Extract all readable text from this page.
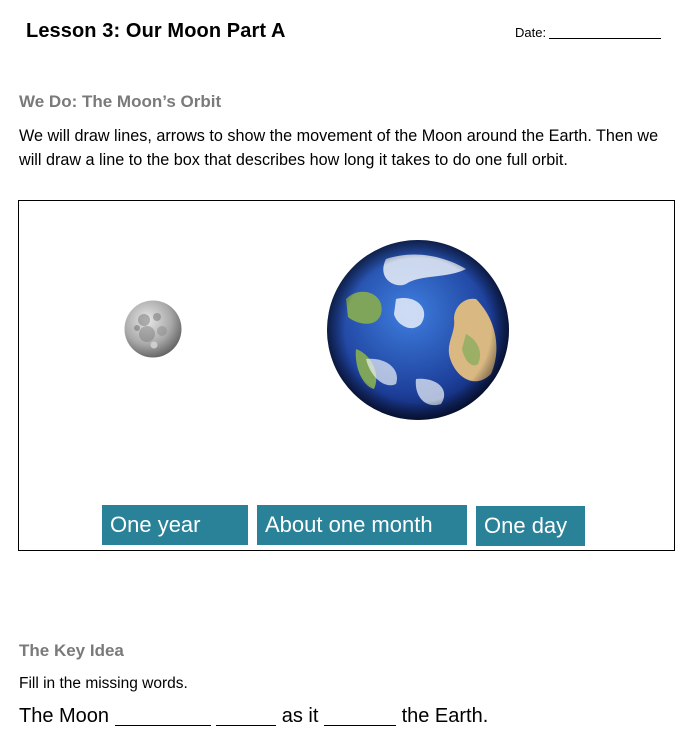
Lesson 3: Our Moon Part A	Date:
We Do: The Moon’s Orbit
We will draw lines, arrows to show the movement of the Moon around the Earth. Then we will draw a line to the box that describes how long it takes to do one full orbit.
One year	About one month	One day
The Key Idea
Fill in the missing words.
The Moon	as it	the Earth.
